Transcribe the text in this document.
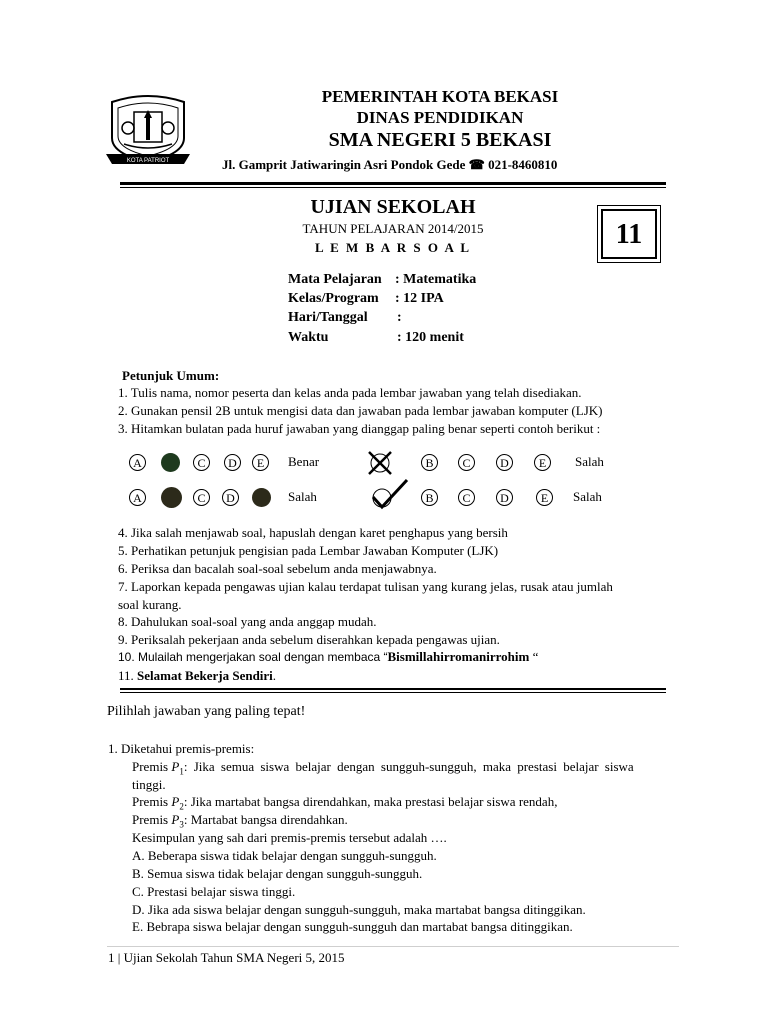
KOTA PATRIOT
PEMERINTAH KOTA BEKASI
DINAS PENDIDIKAN
SMA NEGERI 5 BEKASI
Jl. Gamprit Jatiwaringin Asri Pondok Gede ☎ 021-8460810
UJIAN SEKOLAH
TAHUN PELAJARAN 2014/2015
L E M B A R S O A L	11
Mata Pelajaran : Matematika
Kelas/Program : 12 IPA
Hari/Tanggal :
Waktu	: 120 menit
Petunjuk Umum:
1. Tulis nama, nomor peserta dan kelas anda pada lembar jawaban yang telah disediakan.
2. Gunakan pensil 2B untuk mengisi data dan jawaban pada lembar jawaban komputer (LJK)
3. Hitamkan bulatan pada huruf jawaban yang dianggap paling benar seperti contoh berikut :
A	C	D	E	Benar	B	C	D	E	Salah
A	C	D	Salah	B	C	D	E	Salah
4. Jika salah menjawab soal, hapuslah dengan karet penghapus yang bersih
5. Perhatikan petunjuk pengisian pada Lembar Jawaban Komputer (LJK)
6. Periksa dan bacalah soal-soal sebelum anda menjawabnya.
7. Laporkan kepada pengawas ujian kalau terdapat tulisan yang kurang jelas, rusak atau jumlah
soal kurang.
8. Dahulukan soal-soal yang anda anggap mudah.
9. Periksalah pekerjaan anda sebelum diserahkan kepada pengawas ujian.
10. Mulailah mengerjakan soal dengan membaca “Bismillahirromanirrohim “
11. Selamat Bekerja Sendiri.
Pilihlah jawaban yang paling tepat!
1. Diketahui premis-premis:
Premis $P_1$: Jika semua siswa belajar dengan sungguh-sungguh, maka prestasi belajar siswa
tinggi.
Premis $P_2$: Jika martabat bangsa direndahkan, maka prestasi belajar siswa rendah,
Premis $P_3$: Martabat bangsa direndahkan.
Kesimpulan yang sah dari premis-premis tersebut adalah ….
A. Beberapa siswa tidak belajar dengan sungguh-sungguh.
B. Semua siswa tidak belajar dengan sungguh-sungguh.
C. Prestasi belajar siswa tinggi.
D. Jika ada siswa belajar dengan sungguh-sungguh, maka martabat bangsa ditinggikan.
E. Bebrapa siswa belajar dengan sungguh-sungguh dan martabat bangsa ditinggikan.
1 | Ujian Sekolah Tahun SMA Negeri 5, 2015
